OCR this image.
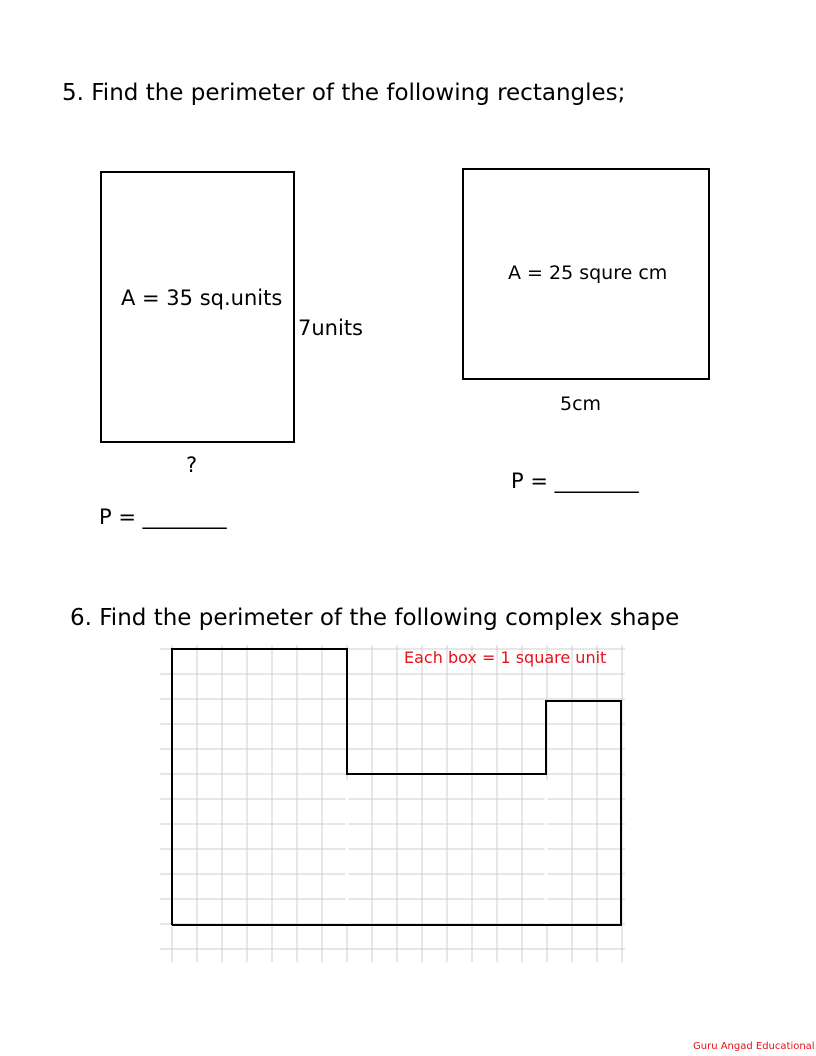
5. Find the perimeter of the following rectangles;
A = 35 sq.units
7units
?
P = ________
A = 25 squre cm
5cm
P = ________
6. Find the perimeter of the following complex shape
Each box = 1 square unit
Guru Angad Educational
